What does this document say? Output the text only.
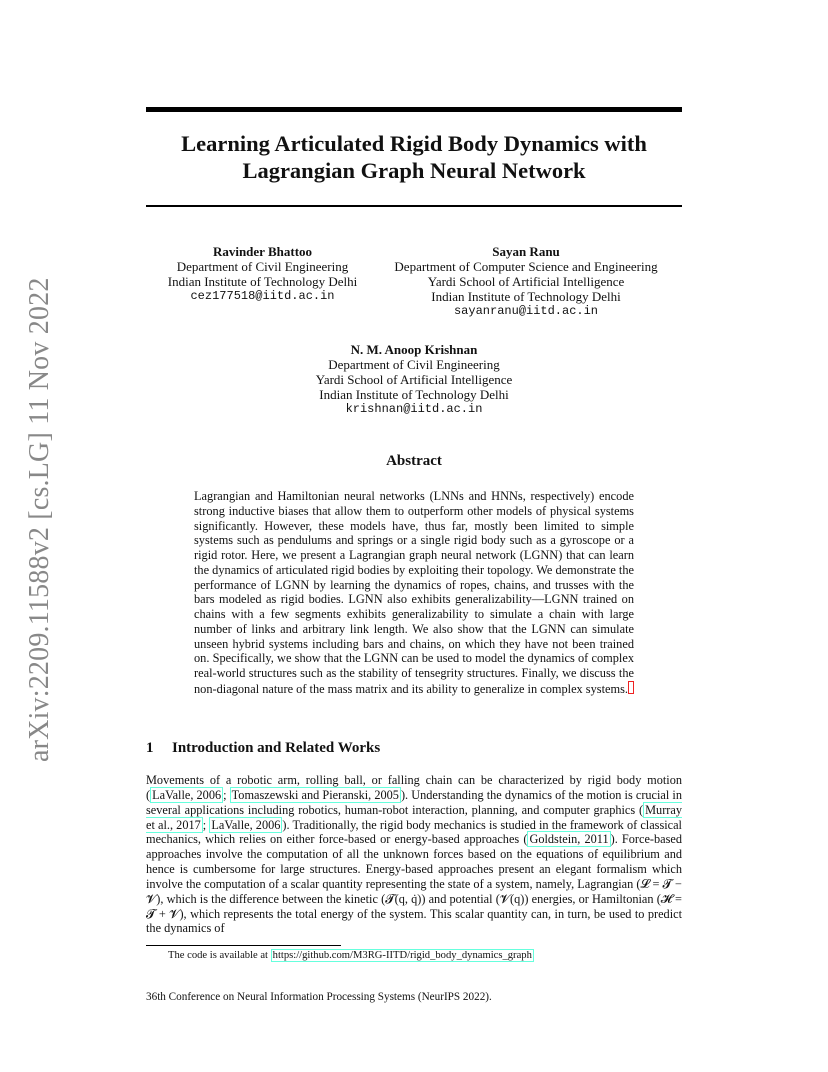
arXiv:2209.11588v2 [cs.LG] 11 Nov 2022
Learning Articulated Rigid Body Dynamics with
Lagrangian Graph Neural Network
Ravinder Bhattoo
Department of Civil Engineering
Indian Institute of Technology Delhi
cez177518@iitd.ac.in
Sayan Ranu
Department of Computer Science and Engineering
Yardi School of Artificial Intelligence
Indian Institute of Technology Delhi
sayanranu@iitd.ac.in
N. M. Anoop Krishnan
Department of Civil Engineering
Yardi School of Artificial Intelligence
Indian Institute of Technology Delhi
krishnan@iitd.ac.in
Abstract
Lagrangian and Hamiltonian neural networks (LNNs and HNNs, respectively) encode strong inductive biases that allow them to outperform other models of physical systems significantly. However, these models have, thus far, mostly been limited to simple systems such as pendulums and springs or a single rigid body such as a gyroscope or a rigid rotor. Here, we present a Lagrangian graph neural network (LGNN) that can learn the dynamics of articulated rigid bodies by exploiting their topology. We demonstrate the performance of LGNN by learning the dynamics of ropes, chains, and trusses with the bars modeled as rigid bodies. LGNN also exhibits generalizability—LGNN trained on chains with a few segments exhibits generalizability to simulate a chain with large number of links and arbitrary link length. We also show that the LGNN can simulate unseen hybrid systems including bars and chains, on which they have not been trained on. Specifically, we show that the LGNN can be used to model the dynamics of complex real-world structures such as the stability of tensegrity structures. Finally, we discuss the non-diagonal nature of the mass matrix and its ability to generalize in complex systems.
1 Introduction and Related Works
Movements of a robotic arm, rolling ball, or falling chain can be characterized by rigid body motion ( LaValle, 2006 ; Tomaszewski and Pieranski, 2005 ). Understanding the dynamics of the motion is crucial in several applications including robotics, human-robot interaction, planning, and computer graphics ( Murray et al., 2017 ; LaValle, 2006 ). Traditionally, the rigid body mechanics is studied in the framework of classical mechanics, which relies on either force-based or energy-based approaches ( Goldstein, 2011 ). Force-based approaches involve the computation of all the unknown forces based on the equations of equilibrium and hence is cumbersome for large structures. Energy-based approaches present an elegant formalism which involve the computation of a scalar quantity representing the state of a system, namely, Lagrangian (𝓛 = 𝓣 − 𝓥), which is the difference between the kinetic (𝓣(q, q̇)) and potential (𝓥(q)) energies, or Hamiltonian (𝓗 = 𝓣 + 𝓥), which represents the total energy of the system. This scalar quantity can, in turn, be used to predict the dynamics of
The code is available at https://github.com/M3RG-IITD/rigid_body_dynamics_graph
36th Conference on Neural Information Processing Systems (NeurIPS 2022).
